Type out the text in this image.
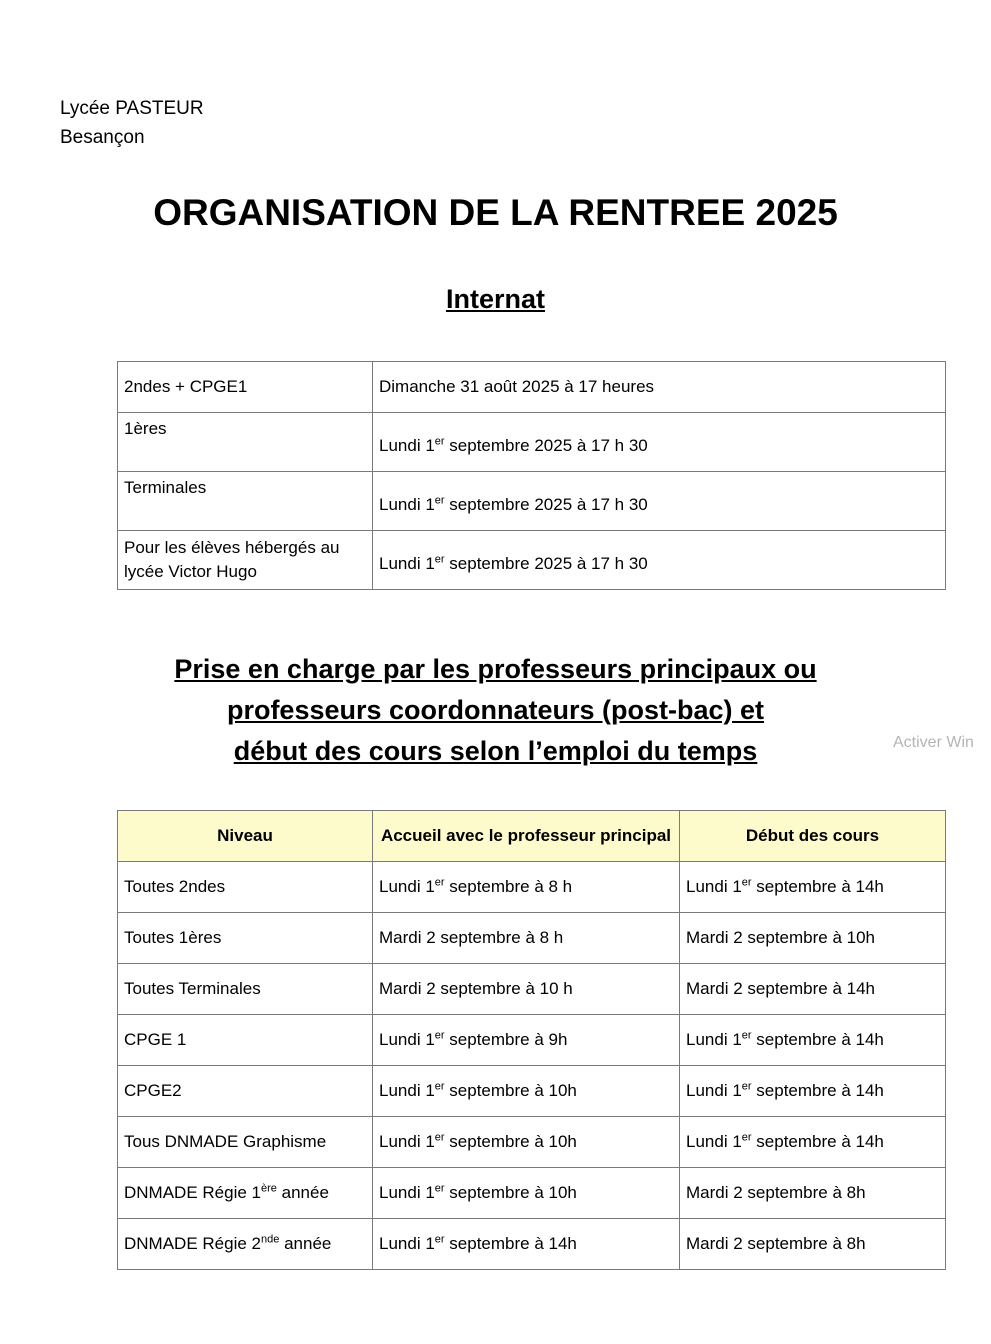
Lycée PASTEUR
Besançon
ORGANISATION DE LA RENTREE 2025
Internat
2ndes + CPGE1	Dimanche 31 août 2025 à 17 heures
1ères	Lundi 1er septembre 2025 à 17 h 30
Terminales	Lundi 1er septembre 2025 à 17 h 30
Pour les élèves hébergés au lycée Victor Hugo	Lundi 1er septembre 2025 à 17 h 30
Prise en charge par les professeurs principaux ou
professeurs coordonnateurs (post-bac) et
début des cours selon l’emploi du temps	Activer Win
Niveau	Accueil avec le professeur principal	Début des cours
Toutes 2ndes	Lundi 1er septembre à 8 h	Lundi 1er septembre à 14h
Toutes 1ères	Mardi 2 septembre à 8 h	Mardi 2 septembre à 10h
Toutes Terminales	Mardi 2 septembre à 10 h	Mardi 2 septembre à 14h
CPGE 1	Lundi 1er septembre à 9h	Lundi 1er septembre à 14h
CPGE2	Lundi 1er septembre à 10h	Lundi 1er septembre à 14h
Tous DNMADE Graphisme	Lundi 1er septembre à 10h	Lundi 1er septembre à 14h
DNMADE Régie 1ère année	Lundi 1er septembre à 10h	Mardi 2 septembre à 8h
DNMADE Régie 2nde année	Lundi 1er septembre à 14h	Mardi 2 septembre à 8h
